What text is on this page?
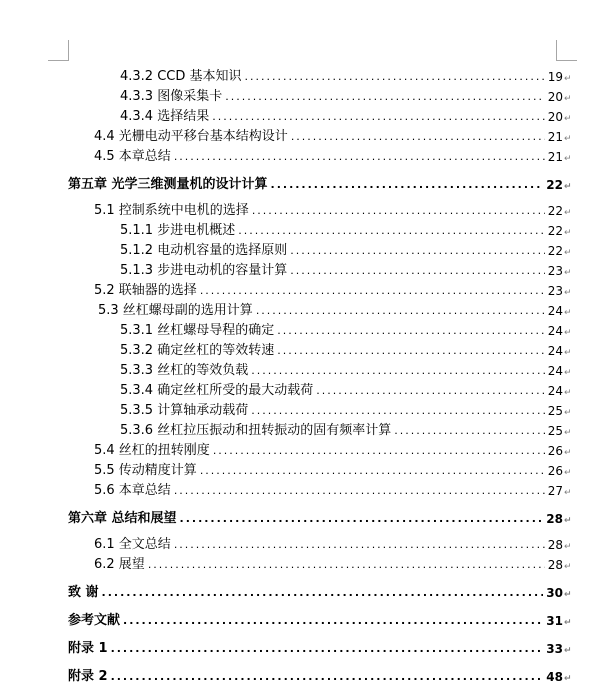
4.3.2 CCD 基本知识 .....	19 ↵
4.3.3 图像采集卡 .....	20 ↵
4.3.4 选择结果 .....	20 ↵
4.4 光栅电动平移台基本结构设计 .....	21 ↵
4.5 本章总结 .....	21 ↵
第五章 光学三维测量机的设计计算 .....	22 ↵
5.1 控制系统中电机的选择 .....	22 ↵
5.1.1 步进电机概述 .....	22 ↵
5.1.2 电动机容量的选择原则 .....	22 ↵
5.1.3 步进电动机的容量计算 .....	23 ↵
5.2 联轴器的选择 .....	23 ↵
5.3 丝杠螺母副的选用计算 .....	24 ↵
5.3.1 丝杠螺母导程的确定 .....	24 ↵
5.3.2 确定丝杠的等效转速 .....	24 ↵
5.3.3 丝杠的等效负载 .....	24 ↵
5.3.4 确定丝杠所受的最大动载荷 .....	24 ↵
5.3.5 计算轴承动载荷 .....	25 ↵
5.3.6 丝杠拉压振动和扭转振动的固有频率计算 .....	25 ↵
5.4 丝杠的扭转刚度 .....	26 ↵
5.5 传动精度计算 .....	26 ↵
5.6 本章总结 .....	27 ↵
第六章 总结和展望 .....	28 ↵
6.1 全文总结 .....	28 ↵
6.2 展望 .....	28 ↵
致 谢 .....	30 ↵
参考文献 .....	31 ↵
附录 1 .....	33 ↵
附录 2 .....	48 ↵
